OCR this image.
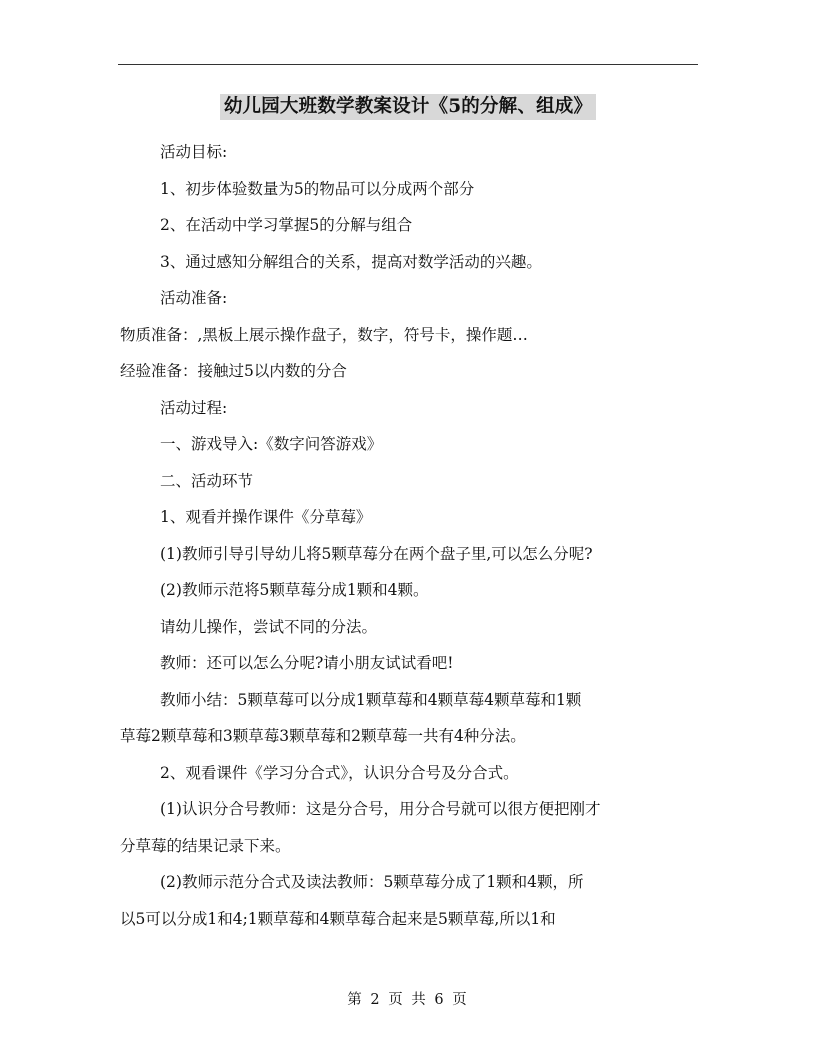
幼儿园大班数学教案设计《5的分解、组成》

活动目标:

1、初步体验数量为5的物品可以分成两个部分

2、在活动中学习掌握5的分解与组合

3、通过感知分解组合的关系，提高对数学活动的兴趣。

活动准备:

物质准备：,黑板上展示操作盘子，数字，符号卡，操作题…

经验准备：接触过5以内数的分合

活动过程:

一、游戏导入:《数字问答游戏》

二、活动环节

1、观看并操作课件《分草莓》

(1)教师引导引导幼儿将5颗草莓分在两个盘子里,可以怎么分呢?

(2)教师示范将5颗草莓分成1颗和4颗。

请幼儿操作，尝试不同的分法。

教师：还可以怎么分呢?请小朋友试试看吧!

教师小结：5颗草莓可以分成1颗草莓和4颗草莓4颗草莓和1颗

草莓2颗草莓和3颗草莓3颗草莓和2颗草莓一共有4种分法。

2、观看课件《学习分合式》，认识分合号及分合式。

(1)认识分合号教师：这是分合号，用分合号就可以很方便把刚才

分草莓的结果记录下来。

(2)教师示范分合式及读法教师：5颗草莓分成了1颗和4颗，所

以5可以分成1和4;1颗草莓和4颗草莓合起来是5颗草莓,所以1和

第 2 页 共 6 页
